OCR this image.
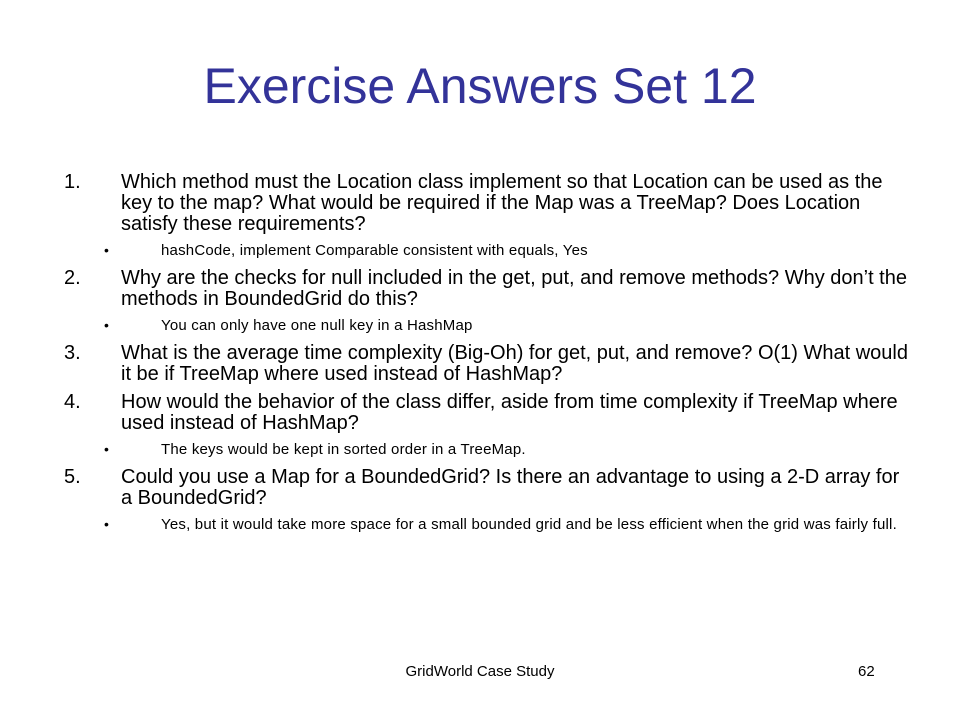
Exercise Answers Set 12
1. Which method must the Location class implement so that Location can be used as the key to the map? What would be required if the Map was a TreeMap? Does Location satisfy these requirements?
•	hashCode, implement Comparable consistent with equals, Yes
2. Why are the checks for null included in the get, put, and remove methods? Why don’t the methods in BoundedGrid do this?
•	You can only have one null key in a HashMap
3. What is the average time complexity (Big-Oh) for get, put, and remove? O(1) What would it be if TreeMap where used instead of HashMap?
4. How would the behavior of the class differ, aside from time complexity if TreeMap where used instead of HashMap?
•	The keys would be kept in sorted order in a TreeMap.
5. Could you use a Map for a BoundedGrid? Is there an advantage to using a 2-D array for a BoundedGrid?
•	Yes, but it would take more space for a small bounded grid and be less efficient when the grid was fairly full.
GridWorld Case Study	62
